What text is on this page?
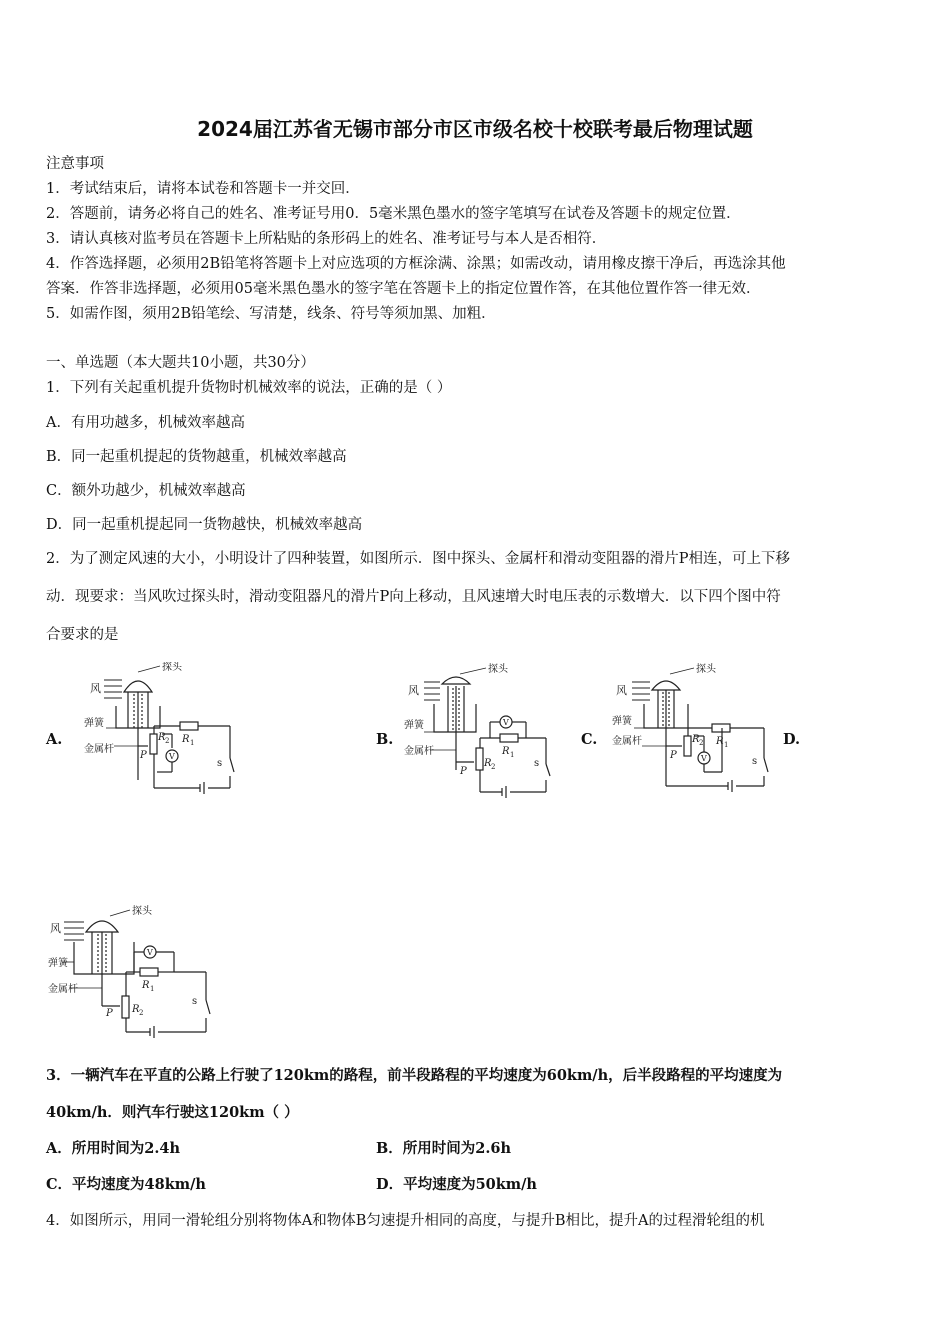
2024届江苏省无锡市部分市区市级名校十校联考最后物理试题
注意事项
1．考试结束后，请将本试卷和答题卡一并交回．
2．答题前，请务必将自己的姓名、准考证号用0．5毫米黑色墨水的签字笔填写在试卷及答题卡的规定位置．
3．请认真核对监考员在答题卡上所粘贴的条形码上的姓名、准考证号与本人是否相符．
4．作答选择题，必须用2B铅笔将答题卡上对应选项的方框涂满、涂黑；如需改动，请用橡皮擦干净后，再选涂其他
答案．作答非选择题，必须用05毫米黑色墨水的签字笔在答题卡上的指定位置作答，在其他位置作答一律无效．
5．如需作图，须用2B铅笔绘、写清楚，线条、符号等须加黑、加粗．
一、单选题（本大题共10小题，共30分）
1．下列有关起重机提升货物时机械效率的说法，正确的是（ ）
A．有用功越多，机械效率越高
B．同一起重机提起的货物越重，机械效率越高
C．额外功越少，机械效率越高
D．同一起重机提起同一货物越快，机械效率越高
2．为了测定风速的大小，小明设计了四种装置，如图所示．图中探头、金属杆和滑动变阻器的滑片P相连，可上下移
动．现要求：当风吹过探头时，滑动变阻器凡的滑片P向上移动，且风速增大时电压表的示数增大．以下四个图中符
合要求的是
A.	B.	C.	D.
风
探头
弹簧
金属杆
P
R 1
R 2
V
s
风
探头
弹簧
金属杆
P
R 1
R 2
V
s
风
探头
弹簧
金属杆
P
R 1
R 2
V	s
风
探头
弹簧
金属杆
P
R 1
R 2
V
s
3．一辆汽车在平直的公路上行驶了120km的路程，前半段路程的平均速度为60km/h，后半段路程的平均速度为
40km/h．则汽车行驶这120km（ ）
A．所用时间为2.4h	B．所用时间为2.6h
C．平均速度为48km/h	D．平均速度为50km/h
4．如图所示，用同一滑轮组分别将物体A和物体B匀速提升相同的高度，与提升B相比，提升A的过程滑轮组的机
